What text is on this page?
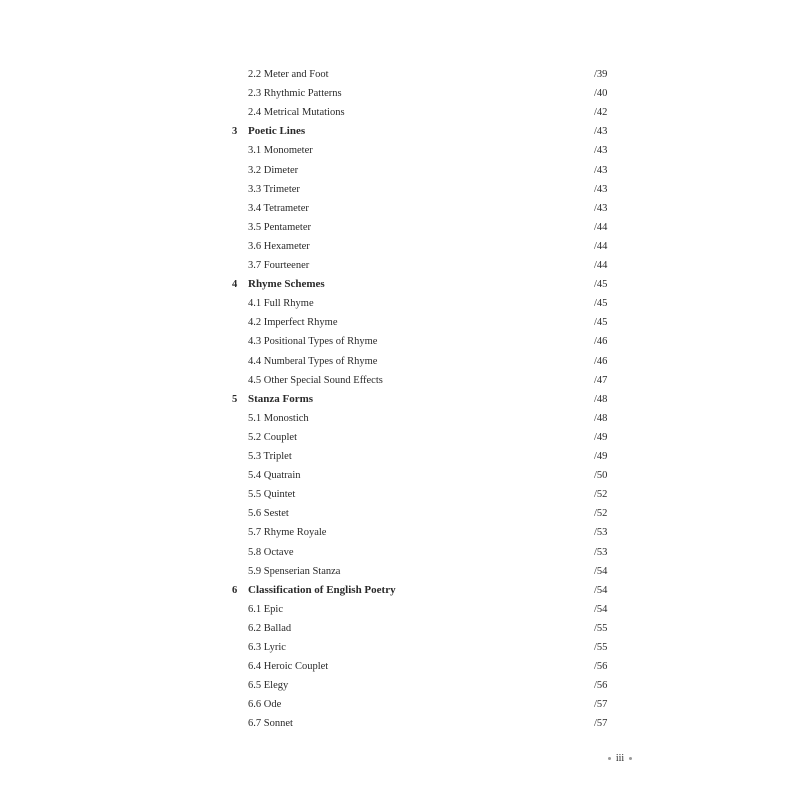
2.2 Meter and Foot	/39
2.3 Rhythmic Patterns	/40
2.4 Metrical Mutations	/42
3 Poetic Lines	/43
3.1 Monometer	/43
3.2 Dimeter	/43
3.3 Trimeter	/43
3.4 Tetrameter	/43
3.5 Pentameter	/44
3.6 Hexameter	/44
3.7 Fourteener	/44
4 Rhyme Schemes	/45
4.1 Full Rhyme	/45
4.2 Imperfect Rhyme	/45
4.3 Positional Types of Rhyme	/46
4.4 Numberal Types of Rhyme	/46
4.5 Other Special Sound Effects	/47
5 Stanza Forms	/48
5.1 Monostich	/48
5.2 Couplet	/49
5.3 Triplet	/49
5.4 Quatrain	/50
5.5 Quintet	/52
5.6 Sestet	/52
5.7 Rhyme Royale	/53
5.8 Octave	/53
5.9 Spenserian Stanza	/54
6 Classification of English Poetry	/54
6.1 Epic	/54
6.2 Ballad	/55
6.3 Lyric	/55
6.4 Heroic Couplet	/56
6.5 Elegy	/56
6.6 Ode	/57
6.7 Sonnet	/57
iii
